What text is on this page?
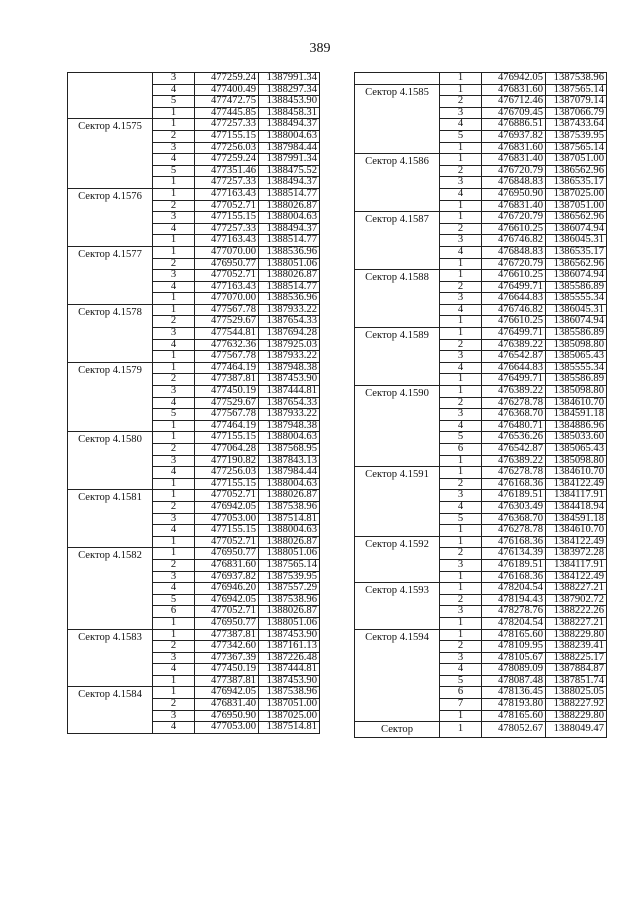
389
	3	477259.24	1387991.34
	4	477400.49	1388297.34
	5	477472.75	1388453.90
	1	477445.85	1388458.31
Сектор 4.1575	1	477257.33	1388494.37
	2	477155.15	1388004.63
	3	477256.03	1387984.44
	4	477259.24	1387991.34
	5	477351.46	1388475.52
	1	477257.33	1388494.37
Сектор 4.1576	1	477163.43	1388514.77
	2	477052.71	1388026.87
	3	477155.15	1388004.63
	4	477257.33	1388494.37
	1	477163.43	1388514.77
Сектор 4.1577	1	477070.00	1388536.96
	2	476950.77	1388051.06
	3	477052.71	1388026.87
	4	477163.43	1388514.77
	1	477070.00	1388536.96
Сектор 4.1578	1	477567.78	1387933.22
	2	477529.67	1387654.33
	3	477544.81	1387694.28
	4	477632.36	1387925.03
	1	477567.78	1387933.22
Сектор 4.1579	1	477464.19	1387948.38
	2	477387.81	1387453.90
	3	477450.19	1387444.81
	4	477529.67	1387654.33
	5	477567.78	1387933.22
	1	477464.19	1387948.38
Сектор 4.1580	1	477155.15	1388004.63
	2	477064.28	1387568.95
	3	477190.82	1387843.13
	4	477256.03	1387984.44
	1	477155.15	1388004.63
Сектор 4.1581	1	477052.71	1388026.87
	2	476942.05	1387538.96
	3	477053.00	1387514.81
	4	477155.15	1388004.63
	1	477052.71	1388026.87
Сектор 4.1582	1	476950.77	1388051.06
	2	476831.60	1387565.14
	3	476937.82	1387539.95
	4	476946.20	1387557.29
	5	476942.05	1387538.96
	6	477052.71	1388026.87
	1	476950.77	1388051.06
Сектор 4.1583	1	477387.81	1387453.90
	2	477342.60	1387161.13
	3	477367.39	1387226.48
	4	477450.19	1387444.81
	1	477387.81	1387453.90
Сектор 4.1584	1	476942.05	1387538.96
	2	476831.40	1387051.00
	3	476950.90	1387025.00
	4	477053.00	1387514.81
	1	476942.05	1387538.96
Сектор 4.1585	1	476831.60	1387565.14
	2	476712.46	1387079.14
	3	476709.45	1387066.79
	4	476886.51	1387433.64
	5	476937.82	1387539.95
	1	476831.60	1387565.14
Сектор 4.1586	1	476831.40	1387051.00
	2	476720.79	1386562.96
	3	476848.83	1386535.17
	4	476950.90	1387025.00
	1	476831.40	1387051.00
Сектор 4.1587	1	476720.79	1386562.96
	2	476610.25	1386074.94
	3	476746.82	1386045.31
	4	476848.83	1386535.17
	1	476720.79	1386562.96
Сектор 4.1588	1	476610.25	1386074.94
	2	476499.71	1385586.89
	3	476644.83	1385555.34
	4	476746.82	1386045.31
	1	476610.25	1386074.94
Сектор 4.1589	1	476499.71	1385586.89
	2	476389.22	1385098.80
	3	476542.87	1385065.43
	4	476644.83	1385555.34
	1	476499.71	1385586.89
Сектор 4.1590	1	476389.22	1385098.80
	2	476278.78	1384610.70
	3	476368.70	1384591.18
	4	476480.71	1384886.96
	5	476536.26	1385033.60
	6	476542.87	1385065.43
	1	476389.22	1385098.80
Сектор 4.1591	1	476278.78	1384610.70
	2	476168.36	1384122.49
	3	476189.51	1384117.91
	4	476303.49	1384418.94
	5	476368.70	1384591.18
	1	476278.78	1384610.70
Сектор 4.1592	1	476168.36	1384122.49
	2	476134.39	1383972.28
	3	476189.51	1384117.91
	1	476168.36	1384122.49
Сектор 4.1593	1	478204.54	1388227.21
	2	478194.43	1387902.72
	3	478278.76	1388222.26
	1	478204.54	1388227.21
Сектор 4.1594	1	478165.60	1388229.80
	2	478109.95	1388239.41
	3	478105.67	1388225.17
	4	478089.09	1387884.87
	5	478087.48	1387851.74
	6	478136.45	1388025.05
	7	478193.80	1388227.92
	1	478165.60	1388229.80
Сектор	1	478052.67	1388049.47
